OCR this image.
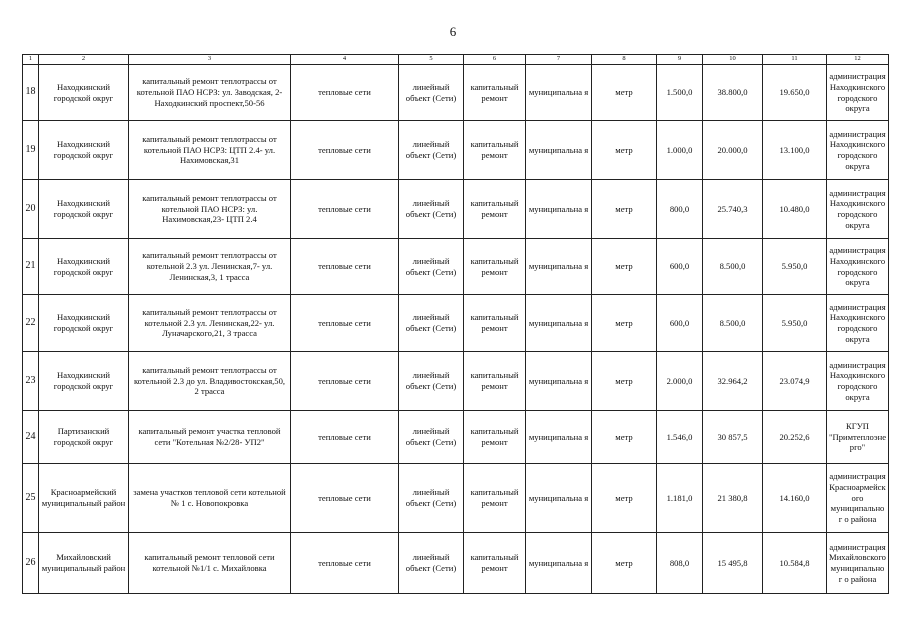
6
1	2	3	4	5	6	7	8	9	10	11	12
18	Находкинский городской округ	капитальный ремонт теплотрассы от котельной ПАО НСРЗ: ул. Заводская, 2- Находкинский проспект,50-56	тепловые сети	линейный объект (Сети)	капитальный ремонт	муниципальна я	метр	1.500,0	38.800,0	19.650,0	администрация Находкинского городского округа
19	Находкинский городской округ	капитальный ремонт теплотрассы от котельной ПАО НСРЗ: ЦТП 2.4- ул. Нахимовская,31	тепловые сети	линейный объект (Сети)	капитальный ремонт	муниципальна я	метр	1.000,0	20.000,0	13.100,0	администрация Находкинского городского округа
20	Находкинский городской округ	капитальный ремонт теплотрассы от котельной ПАО НСРЗ: ул. Нахимовская,23- ЦТП 2.4	тепловые сети	линейный объект (Сети)	капитальный ремонт	муниципальна я	метр	800,0	25.740,3	10.480,0	администрация Находкинского городского округа
21	Находкинский городской округ	капитальный ремонт теплотрассы от котельной 2.3 ул. Ленинская,7- ул. Ленинская,3, 1 трасса	тепловые сети	линейный объект (Сети)	капитальный ремонт	муниципальна я	метр	600,0	8.500,0	5.950,0	администрация Находкинского городского округа
22	Находкинский городской округ	капитальный ремонт теплотрассы от котельной 2.3 ул. Ленинская,22- ул. Луначарского,21, 3 трасса	тепловые сети	линейный объект (Сети)	капитальный ремонт	муниципальна я	метр	600,0	8.500,0	5.950,0	администрация Находкинского городского округа
23	Находкинский городской округ	капитальный ремонт теплотрассы от котельной 2.3 до ул. Владивостокская,50, 2 трасса	тепловые сети	линейный объект (Сети)	капитальный ремонт	муниципальна я	метр	2.000,0	32.964,2	23.074,9	администрация Находкинского городского округа
24	Партизанский городской округ	капитальный ремонт участка тепловой сети "Котельная №2/28- УП2"	тепловые сети	линейный объект (Сети)	капитальный ремонт	муниципальна я	метр	1.546,0	30 857,5	20.252,6	КГУП "Примтеплоэне рго"
25	Красноармейский муниципальный район	замена участков тепловой сети котельной № 1 с. Новопокровка	тепловые сети	линейный объект (Сети)	капитальный ремонт	муниципальна я	метр	1.181,0	21 380,8	14.160,0	администрация Красноармейск ого муниципальног о района
26	Михайловский муниципальный район	капитальный ремонт тепловой сети котельной №1/1 с. Михайловка	тепловые сети	линейный объект (Сети)	капитальный ремонт	муниципальна я	метр	808,0	15 495,8	10.584,8	администрация Михайловского муниципальног о района
